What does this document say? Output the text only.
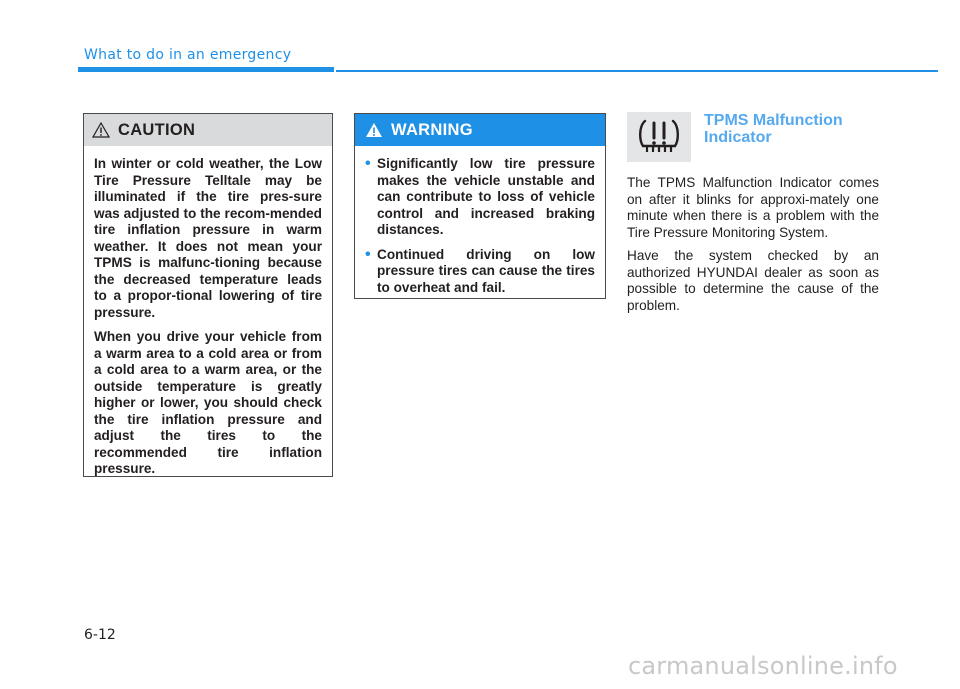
What to do in an emergency
CAUTION

In winter or cold weather, the Low Tire Pressure Telltale may be illuminated if the tire pres-sure was adjusted to the recom-mended tire inflation pressure in warm weather. It does not mean your TPMS is malfunc-tioning because the decreased temperature leads to a propor-tional lowering of tire pressure.

When you drive your vehicle from a warm area to a cold area or from a cold area to a warm area, or the outside temperature is greatly higher or lower, you should check the tire inflation pressure and adjust the tires to the recommended tire inflation pressure.

WARNING
• Significantly low tire pressure makes the vehicle unstable and can contribute to loss of vehicle control and increased braking distances.
• Continued driving on low pressure tires can cause the tires to overheat and fail.
TPMS Malfunction Indicator

The TPMS Malfunction Indicator comes on after it blinks for approxi-mately one minute when there is a problem with the Tire Pressure Monitoring System.

Have the system checked by an authorized HYUNDAI dealer as soon as possible to determine the cause of the problem.

6-12
carmanualsonline.info
